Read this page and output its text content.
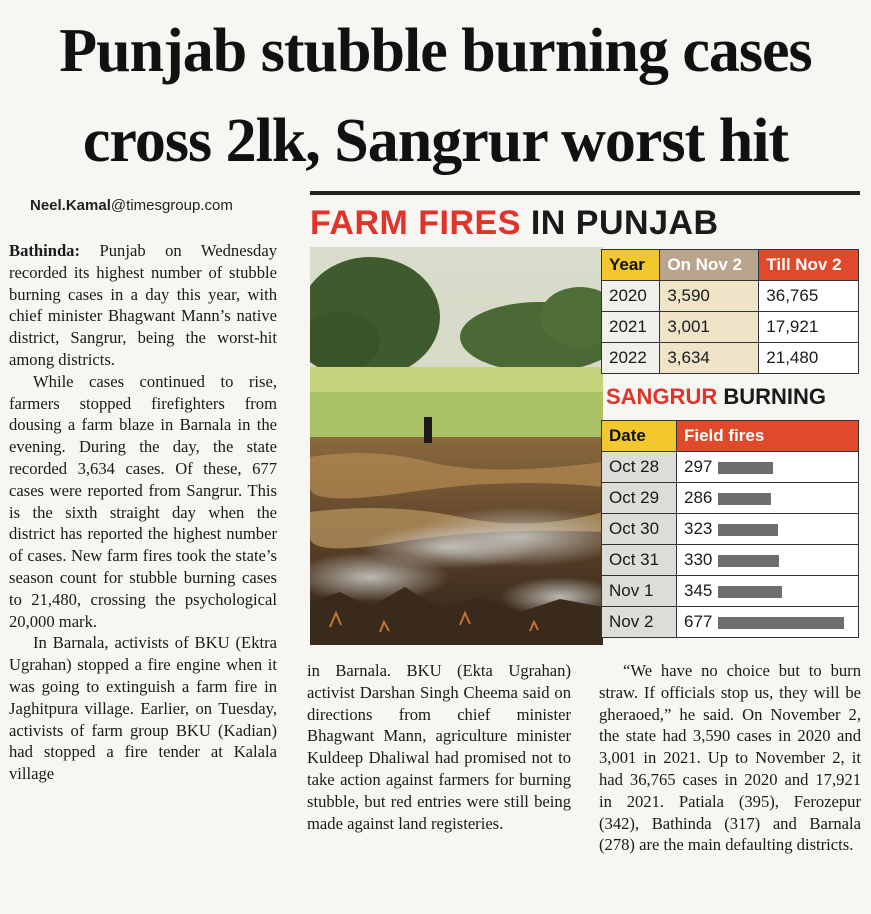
Punjab stubble burning cases
cross 2lk, Sangrur worst hit
Neel.Kamal@timesgroup.com

Bathinda: Punjab on Wednesday recorded its highest number of stubble burning cases in a day this year, with chief minister Bhagwant Mann’s native district, Sangrur, being the worst-hit among districts.

While cases continued to rise, farmers stopped firefighters from dousing a farm blaze in Barnala in the evening. During the day, the state recorded 3,634 cases. Of these, 677 cases were reported from Sangrur. This is the sixth straight day when the district has reported the highest number of cases. New farm fires took the state’s season count for stubble burning cases to 21,480, crossing the psychological 20,000 mark.

In Barnala, activists of BKU (Ektra Ugrahan) stopped a fire engine when it was going to extinguish a farm fire in Jaghitpura village. Earlier, on Tuesday, activists of farm group BKU (Kadian) had stopped a fire tender at Kalala village

in Barnala. BKU (Ekta Ugrahan) activist Darshan Singh Cheema said on directions from chief minister Bhagwant Mann, agriculture minister Kuldeep Dhaliwal had promised not to take action against farmers for burning stubble, but red entries were still being made against land registeries.

“We have no choice but to burn straw. If officials stop us, they will be gheraoed,” he said. On November 2, the state had 3,590 cases in 2020 and 3,001 in 2021. Up to November 2, it had 36,765 cases in 2020 and 17,921 in 2021. Patiala (395), Ferozepur (342), Bathinda (317) and Barnala (278) are the main defaulting districts.

FARM FIRES IN PUNJAB
Year	On Nov 2	Till Nov 2
2020	3,590	36,765
2021	3,001	17,921
2022	3,634	21,480
SANGRUR BURNING
Date	Field fires
Oct 28	297
Oct 29	286
Oct 30	323
Oct 31	330
Nov 1	345
Nov 2	677
